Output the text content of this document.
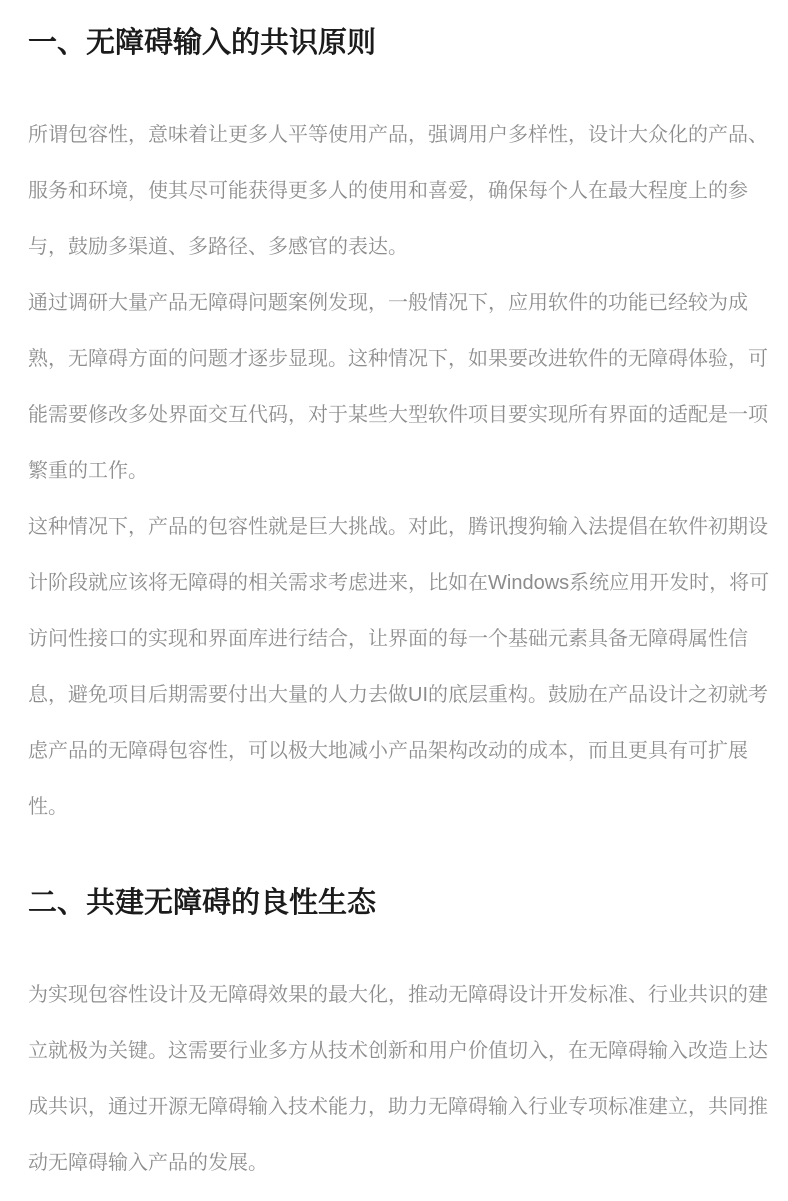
一、无障碍输入的共识原则

所谓包容性，意味着让更多人平等使用产品，强调用户多样性，设计大众化的产品、服务和环境，使其尽可能获得更多人的使用和喜爱，确保每个人在最大程度上的参与，鼓励多渠道、多路径、多感官的表达。

通过调研大量产品无障碍问题案例发现，一般情况下，应用软件的功能已经较为成熟，无障碍方面的问题才逐步显现。这种情况下，如果要改进软件的无障碍体验，可能需要修改多处界面交互代码，对于某些大型软件项目要实现所有界面的适配是一项繁重的工作。

这种情况下，产品的包容性就是巨大挑战。对此，腾讯搜狗输入法提倡在软件初期设计阶段就应该将无障碍的相关需求考虑进来，比如在Windows系统应用开发时，将可访问性接口的实现和界面库进行结合，让界面的每一个基础元素具备无障碍属性信息，避免项目后期需要付出大量的人力去做UI的底层重构。鼓励在产品设计之初就考虑产品的无障碍包容性，可以极大地减小产品架构改动的成本，而且更具有可扩展性。

二、共建无障碍的良性生态

为实现包容性设计及无障碍效果的最大化，推动无障碍设计开发标准、行业共识的建立就极为关键。这需要行业多方从技术创新和用户价值切入，在无障碍输入改造上达成共识，通过开源无障碍输入技术能力，助力无障碍输入行业专项标准建立，共同推动无障碍输入产品的发展。
